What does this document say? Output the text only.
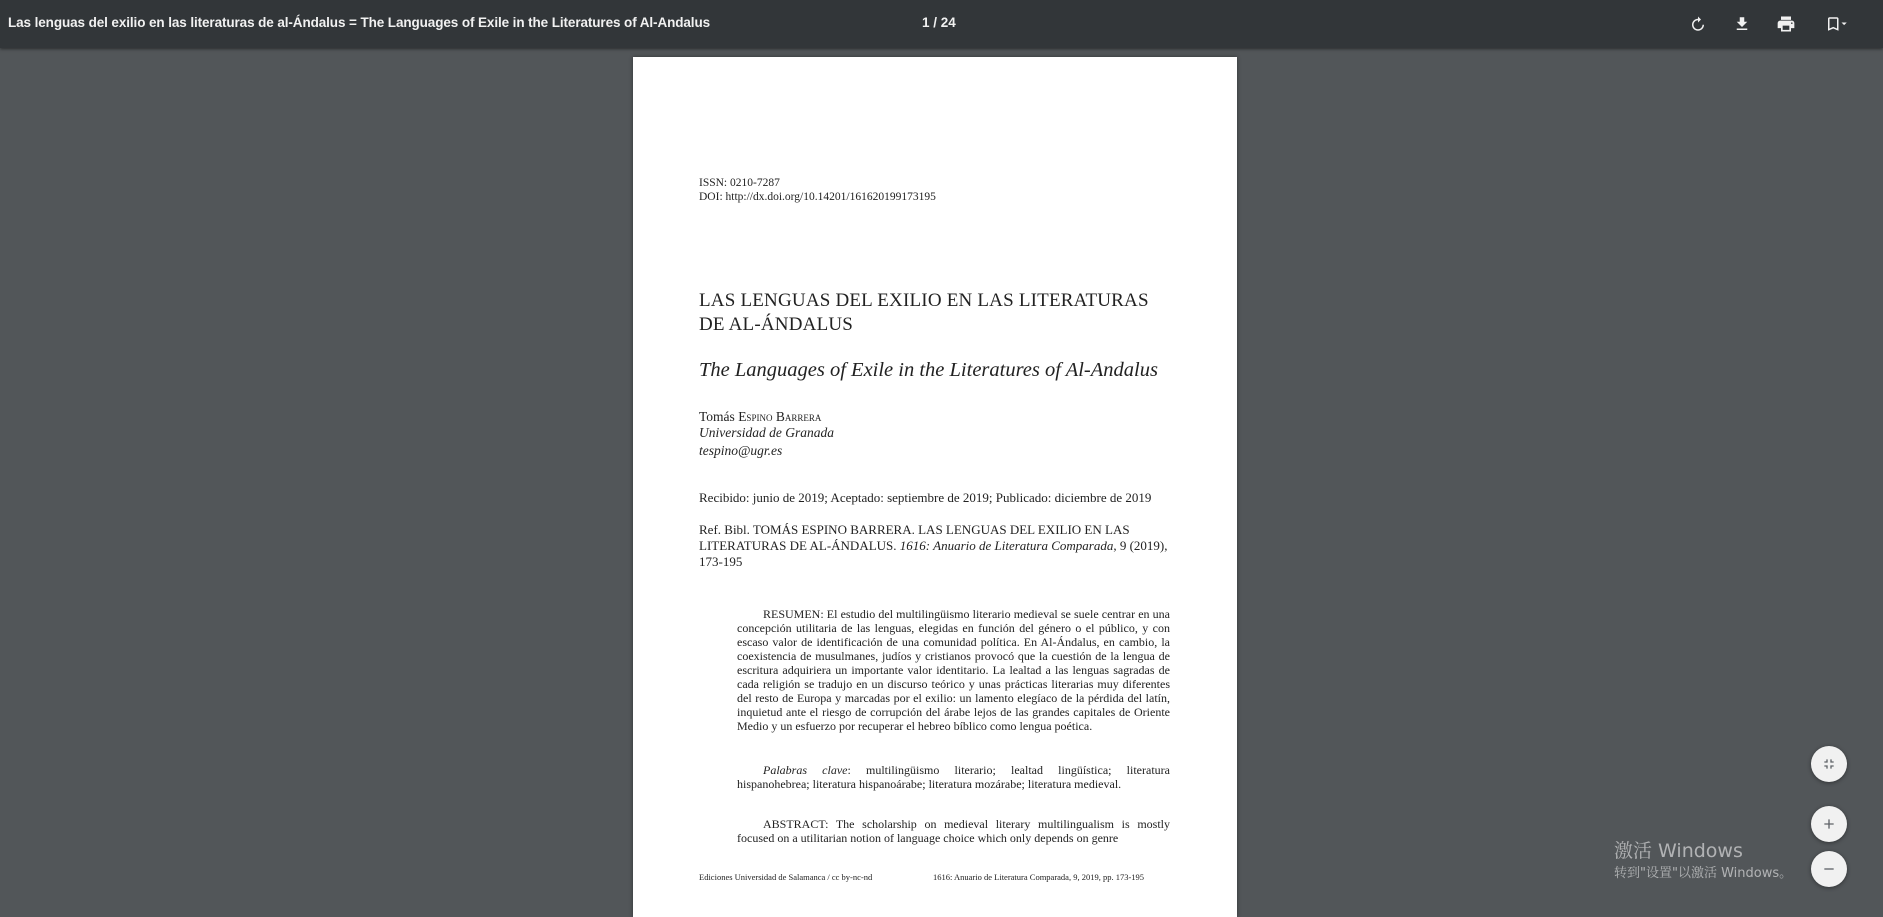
Las lenguas del exilio en las literaturas de al-Ándalus = The Languages of Exile in the Literatures of Al-Andalus	1 / 24
ISSN: 0210-7287
DOI: http://dx.doi.org/10.14201/161620199173195
LAS LENGUAS DEL EXILIO EN LAS LITERATURAS
DE AL-ÁNDALUS
The Languages of Exile in the Literatures of Al-Andalus
Tomás Espino Barrera
Universidad de Granada
tespino@ugr.es
Recibido: junio de 2019; Aceptado: septiembre de 2019; Publicado: diciembre de 2019
Ref. Bibl. TOMÁS ESPINO BARRERA. LAS LENGUAS DEL EXILIO EN LAS LITERATURAS DE AL-ÁNDALUS. 1616: Anuario de Literatura Comparada, 9 (2019), 173-195
RESUMEN: El estudio del multilingüismo literario medieval se suele centrar en una concepción utilitaria de las lenguas, elegidas en función del género o el público, y con escaso valor de identificación de una comunidad política. En Al-Ándalus, en cambio, la coexistencia de musulmanes, judíos y cristianos provocó que la cuestión de la lengua de escritura adquiriera un importante valor identitario. La lealtad a las lenguas sagradas de cada religión se tradujo en un discurso teórico y unas prácticas literarias muy diferentes del resto de Europa y marcadas por el exilio: un lamento elegíaco de la pérdida del latín, inquietud ante el riesgo de corrupción del árabe lejos de las grandes capitales de Oriente Medio y un esfuerzo por recuperar el hebreo bíblico como lengua poética.
Palabras clave: multilingüismo literario; lealtad lingüística; literatura hispanohebrea; literatura hispanoárabe; literatura mozárabe; literatura medieval.
ABSTRACT: The scholarship on medieval literary multilingualism is mostly focused on a utilitarian notion of language choice which only depends on genre
Ediciones Universidad de Salamanca / cc by-nc-nd	1616: Anuario de Literatura Comparada, 9, 2019, pp. 173-195
激活 Windows
转到"设置"以激活 Windows。
